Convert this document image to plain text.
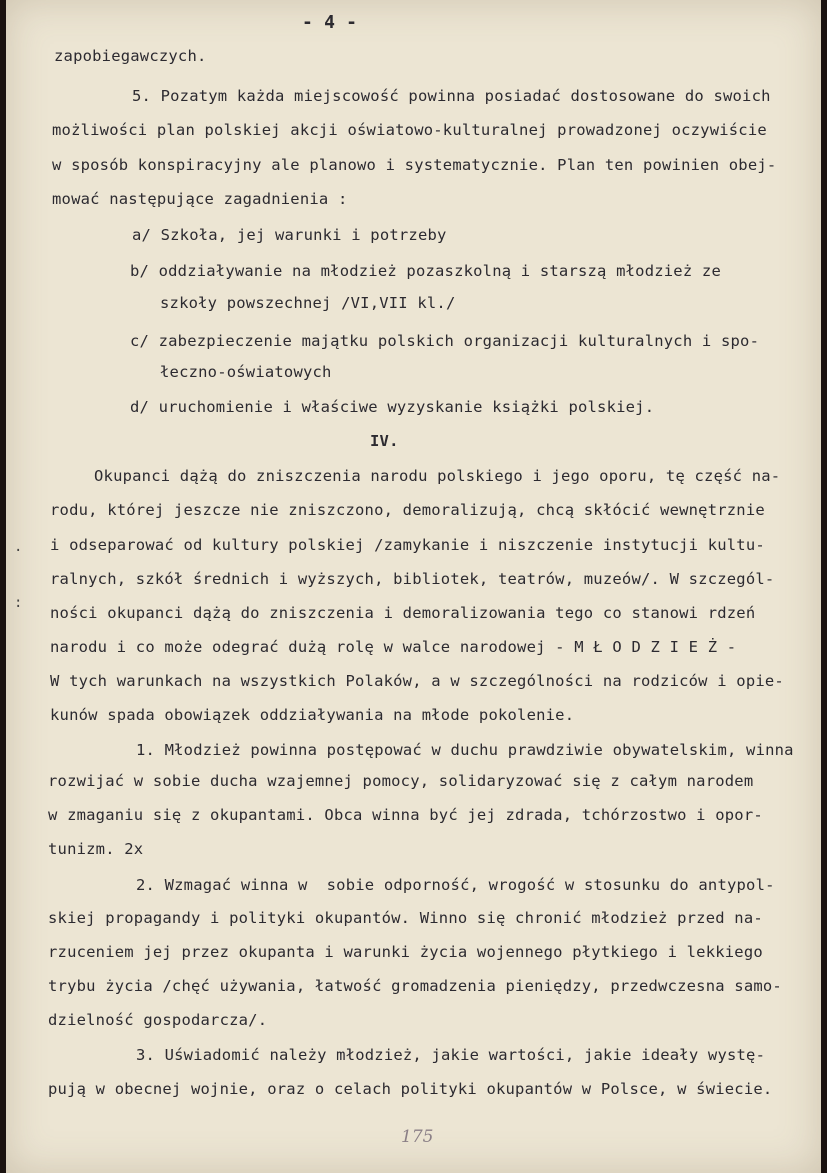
- 4 -
zapobiegawczych.
5. Pozatym każda miejscowość powinna posiadać dostosowane do swoich
możliwości plan polskiej akcji oświatowo-kulturalnej prowadzonej oczywiście
w sposób konspiracyjny ale planowo i systematycznie. Plan ten powinien obej-
mować następujące zagadnienia :
a/ Szkoła, jej warunki i potrzeby
b/ oddziaływanie na młodzież pozaszkolną i starszą młodzież ze
szkoły powszechnej /VI,VII kl./
c/ zabezpieczenie majątku polskich organizacji kulturalnych i spo-
łeczno-oświatowych
d/ uruchomienie i właściwe wyzyskanie książki polskiej.
IV.
Okupanci dążą do zniszczenia narodu polskiego i jego oporu, tę część na-
rodu, której jeszcze nie zniszczono, demoralizują, chcą skłócić wewnętrznie
i odseparować od kultury polskiej /zamykanie i niszczenie instytucji kultu-
ralnych, szkół średnich i wyższych, bibliotek, teatrów, muzeów/. W szczegól-
ności okupanci dążą do zniszczenia i demoralizowania tego co stanowi rdzeń
narodu i co może odegrać dużą rolę w walce narodowej - M Ł O D Z I E Ż -
W tych warunkach na wszystkich Polaków, a w szczególności na rodziców i opie-
kunów spada obowiązek oddziaływania na młode pokolenie.
1. Młodzież powinna postępować w duchu prawdziwie obywatelskim, winna
rozwijać w sobie ducha wzajemnej pomocy, solidaryzować się z całym narodem
w zmaganiu się z okupantami. Obca winna być jej zdrada, tchórzostwo i opor-
tunizm. 2x
2. Wzmagać winna w  sobie odporność, wrogość w stosunku do antypol-
skiej propagandy i polityki okupantów. Winno się chronić młodzież przed na-
rzuceniem jej przez okupanta i warunki życia wojennego płytkiego i lekkiego
trybu życia /chęć używania, łatwość gromadzenia pieniędzy, przedwczesna samo-
dzielność gospodarcza/.
3. Uświadomić należy młodzież, jakie wartości, jakie ideały wystę-
pują w obecnej wojnie, oraz o celach polityki okupantów w Polsce, w świecie.
175
.
:
